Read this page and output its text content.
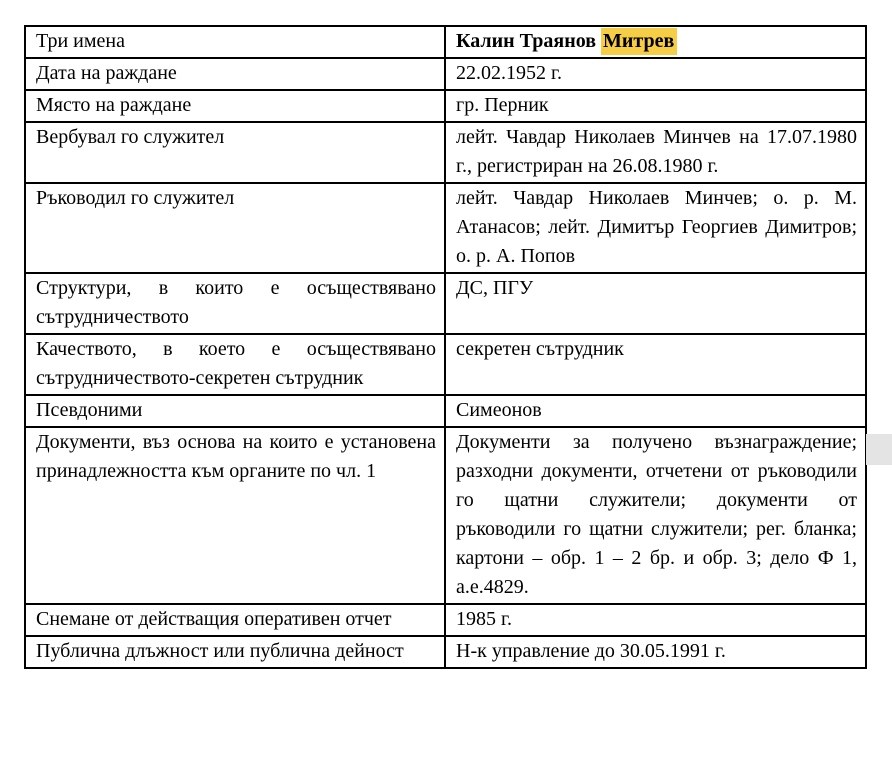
Три имена	Калин Траянов Митрев
Дата на раждане	22.02.1952 г.
Място на раждане	гр. Перник
Вербувал го служител	лейт. Чавдар Николаев Минчев на 17.07.1980 г., регистриран на 26.08.1980 г.
Ръководил го служител	лейт. Чавдар Николаев Минчев; о. р. М. Атанасов; лейт. Димитър Георгиев Димитров; о. р. А. Попов
Структури, в които е осъществявано сътрудничеството	ДС, ПГУ
Качеството, в което е осъществявано сътрудничеството-секретен сътрудник	секретен сътрудник
Псевдоними	Симеонов
Документи, въз основа на които е установена принадлежността към органите по чл. 1	Документи за получено възнаграждение; разходни документи, отчетени от ръководили го щатни служители; документи от ръководили го щатни служители; рег. бланка; картони – обр. 1 – 2 бр. и обр. 3; дело Ф 1, а.е.4829.
Снемане от действащия оперативен отчет	1985 г.
Публична длъжност или публична дейност	Н-к управление до 30.05.1991 г.
